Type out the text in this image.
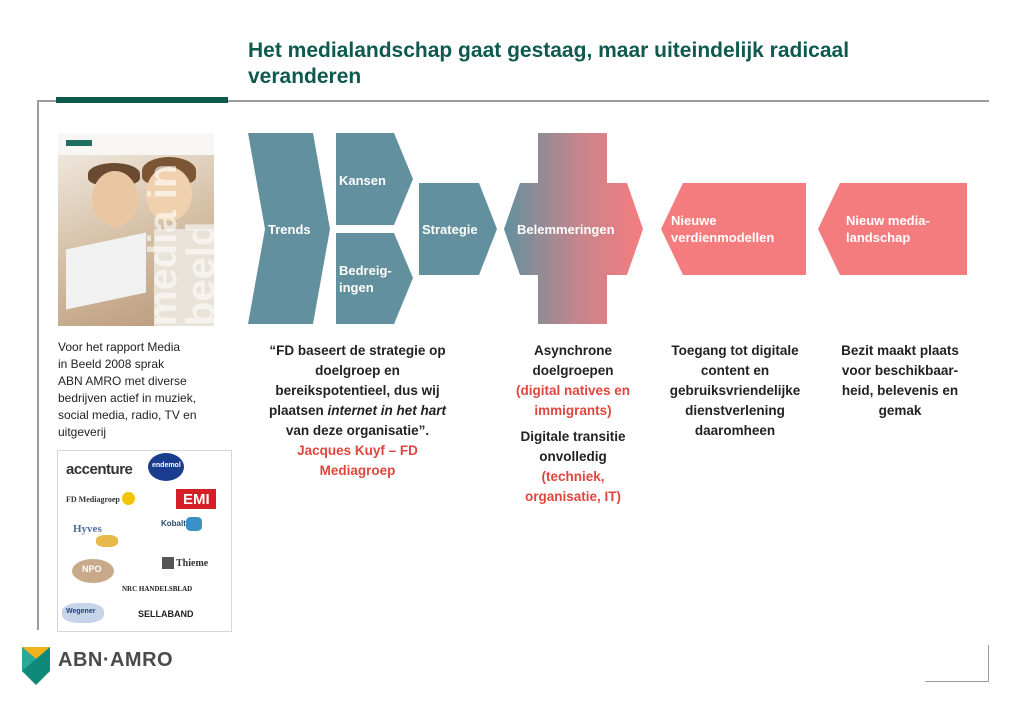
Het medialandschap gaat gestaag, maar uiteindelijk radicaal veranderen
media in beeld

Voor het rapport Media
in Beeld 2008 sprak
ABN AMRO met diverse
bedrijven actief in muziek,
social media, radio, TV en
uitgeverij

accenture	endemol
FD Mediagroep	EMI
Hyves	Kobalt
NPO	Thieme
NRC HANDELSBLAD
Wegener	SELLABAND
Trends
Kansen
Bedreig-
ingen
Strategie	Belemmeringen
Nieuwe
verdienmodellen
Nieuw media-
landschap
“FD baseert de strategie op
doelgroep en
bereikspotentieel, dus wij
plaatsen internet in het hart
van deze organisatie”.
Jacques Kuyf – FD
Mediagroep
Asynchrone
doelgroepen
(digital natives en
immigrants)
Digitale transitie
onvolledig
(techniek,
organisatie, IT)
Toegang tot digitale
content en
gebruiksvriendelijke
dienstverlening
daaromheen
Bezit maakt plaats
voor beschikbaar-
heid, belevenis en
gemak
ABN·AMRO
